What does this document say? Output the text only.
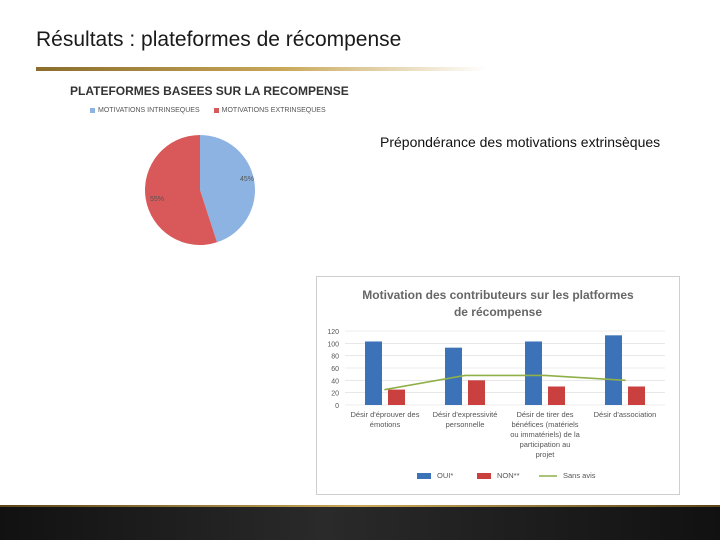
Résultats : plateformes de récompense
PLATEFORMES BASEES SUR LA RECOMPENSE
MOTIVATIONS INTRINSEQUES	MOTIVATIONS EXTRINSEQUES
45%
55%
Prépondérance des motivations extrinsèques
Motivation des contributeurs sur les platformes
de récompense
0
20
40
60
80
100
120
Désir d'éprouver des
émotions
Désir d'expressivité
personnelle
Désir de tirer des
bénéfices (matériels
ou immatériels) de la
participation au
projet
Désir d'association
OUI*	NON**	Sans avis
